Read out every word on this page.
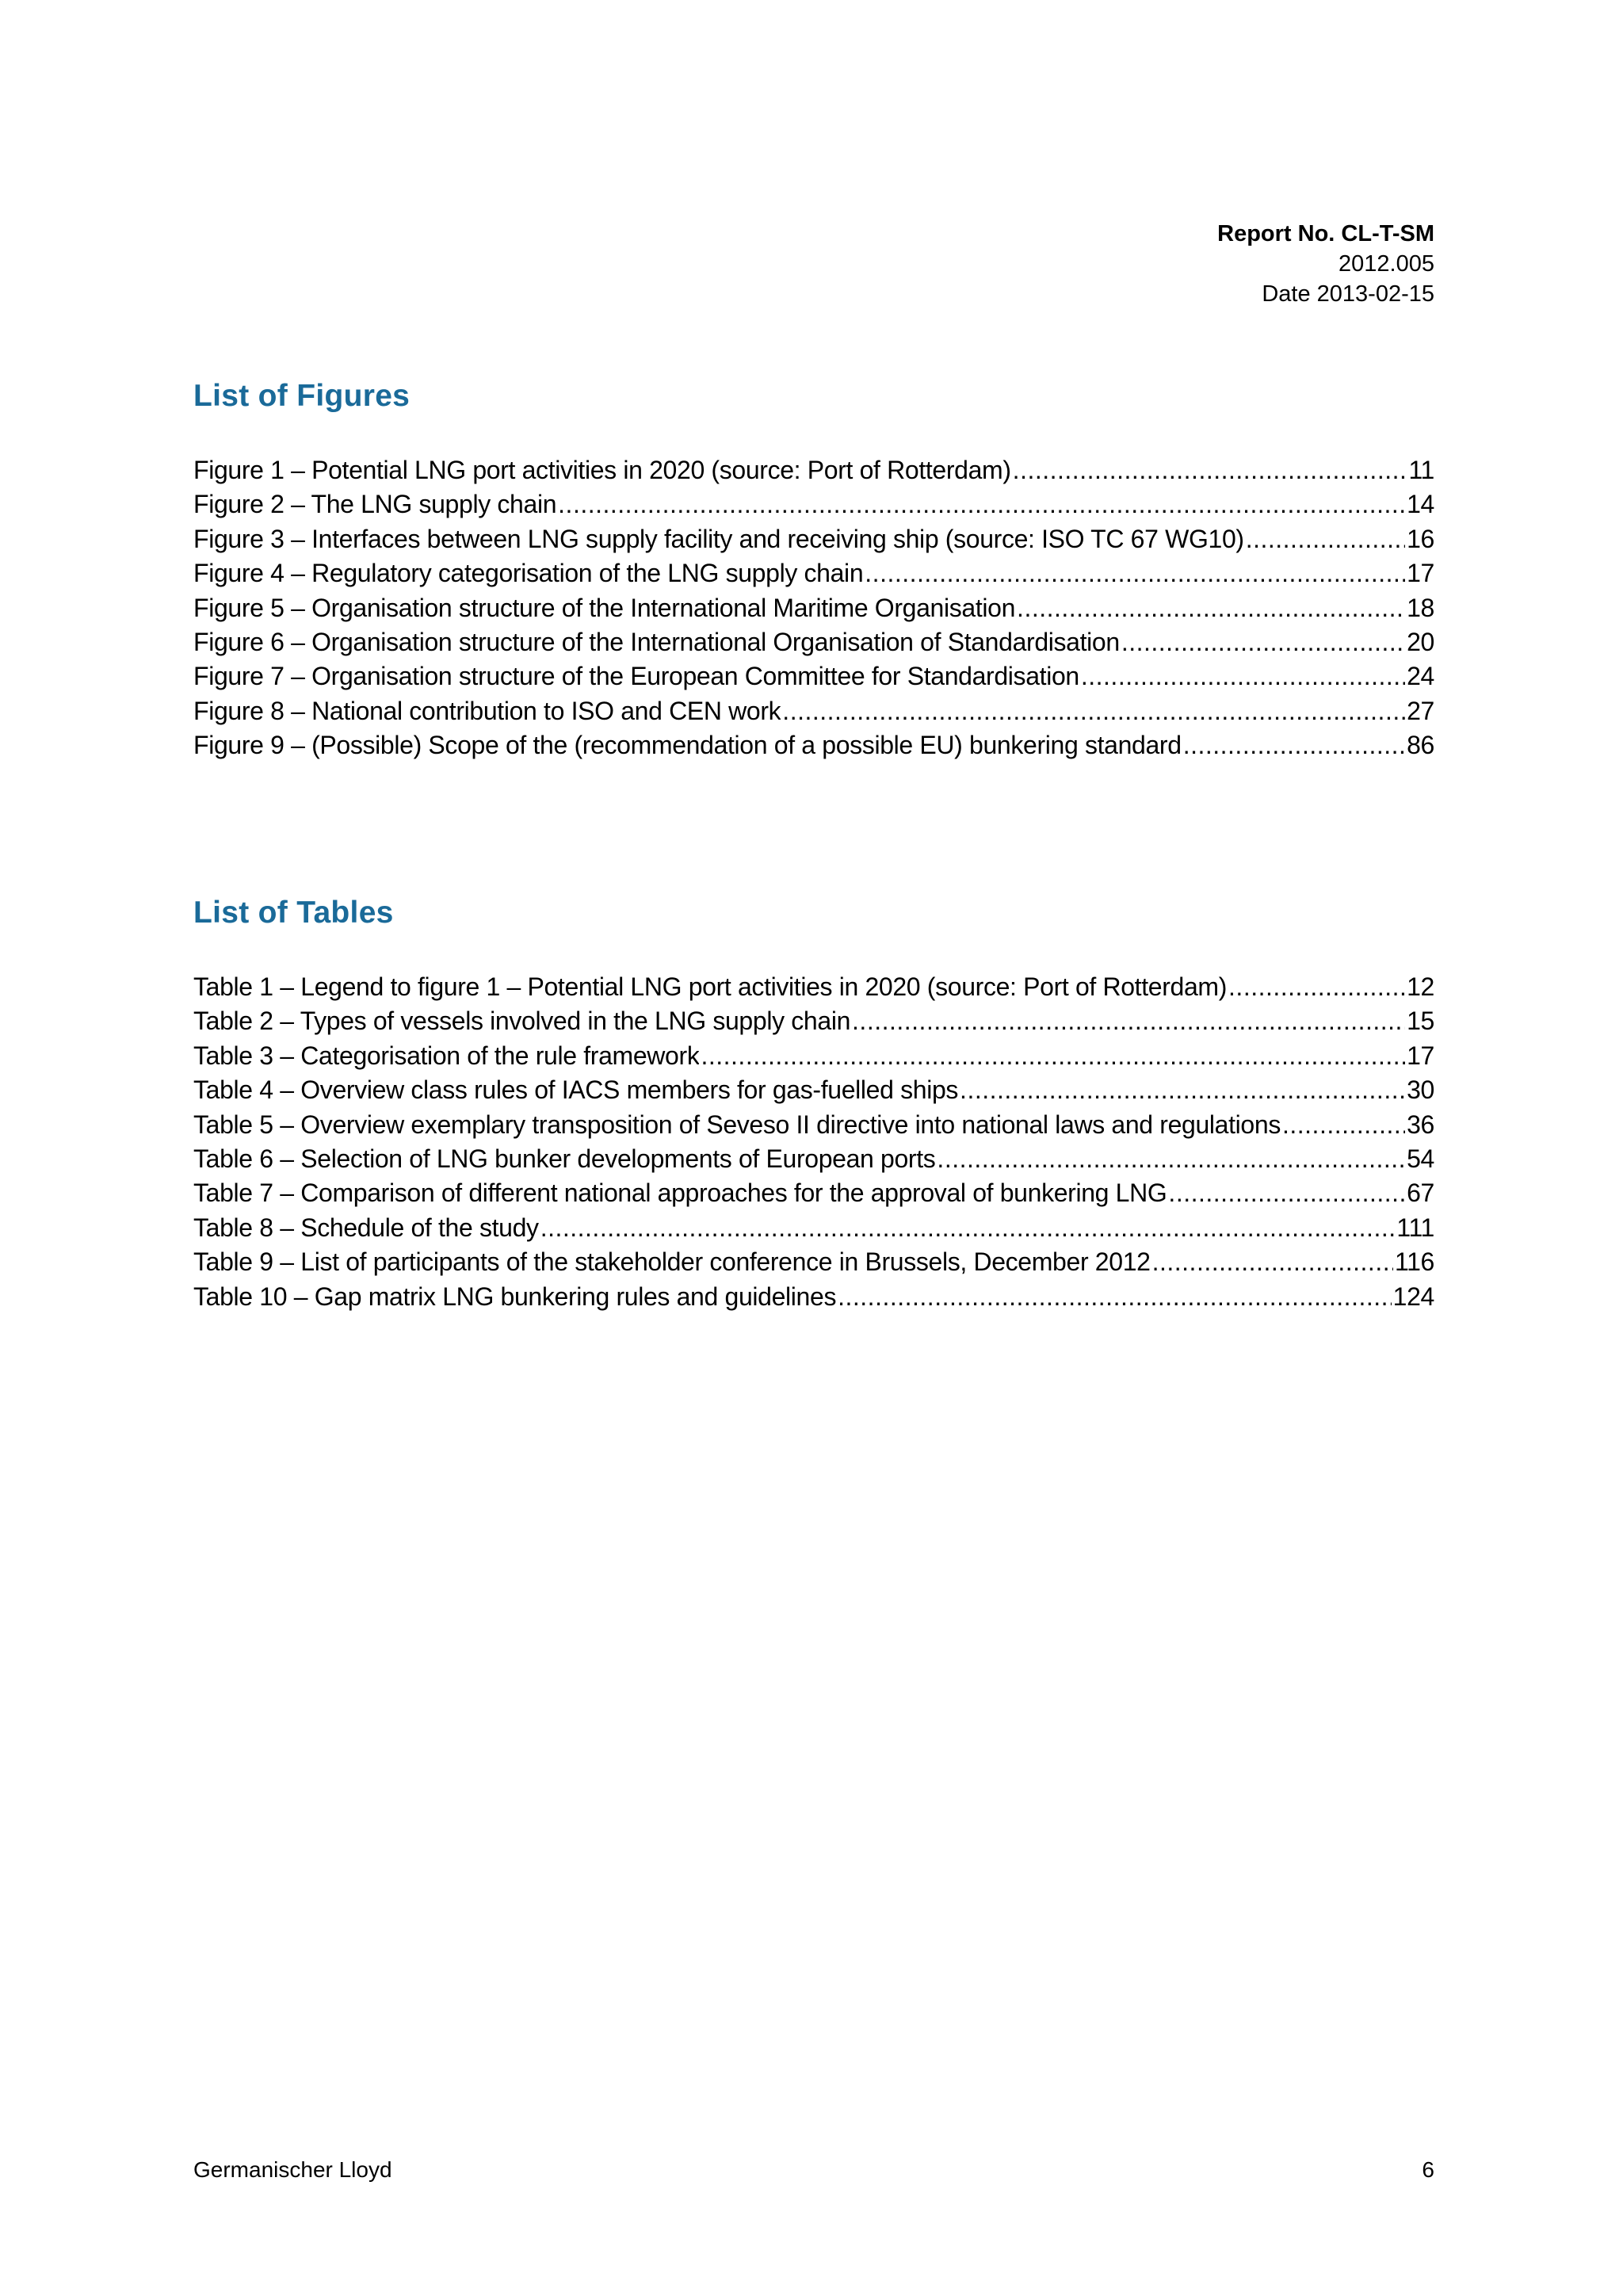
Report No. CL-T-SM
2012.005
Date 2013-02-15
List of Figures
Figure 1 – Potential LNG port activities in 2020 (source: Port of Rotterdam) .....	11
Figure 2 – The LNG supply chain .....	14
Figure 3 – Interfaces between LNG supply facility and receiving ship (source: ISO TC 67 WG10) .....	16
Figure 4 – Regulatory categorisation of the LNG supply chain .....	17
Figure 5 – Organisation structure of the International Maritime Organisation .....	18
Figure 6 – Organisation structure of the International Organisation of Standardisation .....	20
Figure 7 – Organisation structure of the European Committee for Standardisation .....	24
Figure 8 – National contribution to ISO and CEN work .....	27
Figure 9 – (Possible) Scope of the (recommendation of a possible EU) bunkering standard .....	86
List of Tables
Table 1 – Legend to figure 1 – Potential LNG port activities in 2020 (source: Port of Rotterdam) .....	12
Table 2 – Types of vessels involved in the LNG supply chain .....	15
Table 3 – Categorisation of the rule framework .....	17
Table 4 – Overview class rules of IACS members for gas-fuelled ships .....	30
Table 5 – Overview exemplary transposition of Seveso II directive into national laws and regulations .....	36
Table 6 – Selection of LNG bunker developments of European ports .....	54
Table 7 – Comparison of different national approaches for the approval of bunkering LNG .....	67
Table 8 – Schedule of the study .....	111
Table 9 – List of participants of the stakeholder conference in Brussels, December 2012 .....	116
Table 10 – Gap matrix LNG bunkering rules and guidelines .....	124
Germanischer Lloyd	6
